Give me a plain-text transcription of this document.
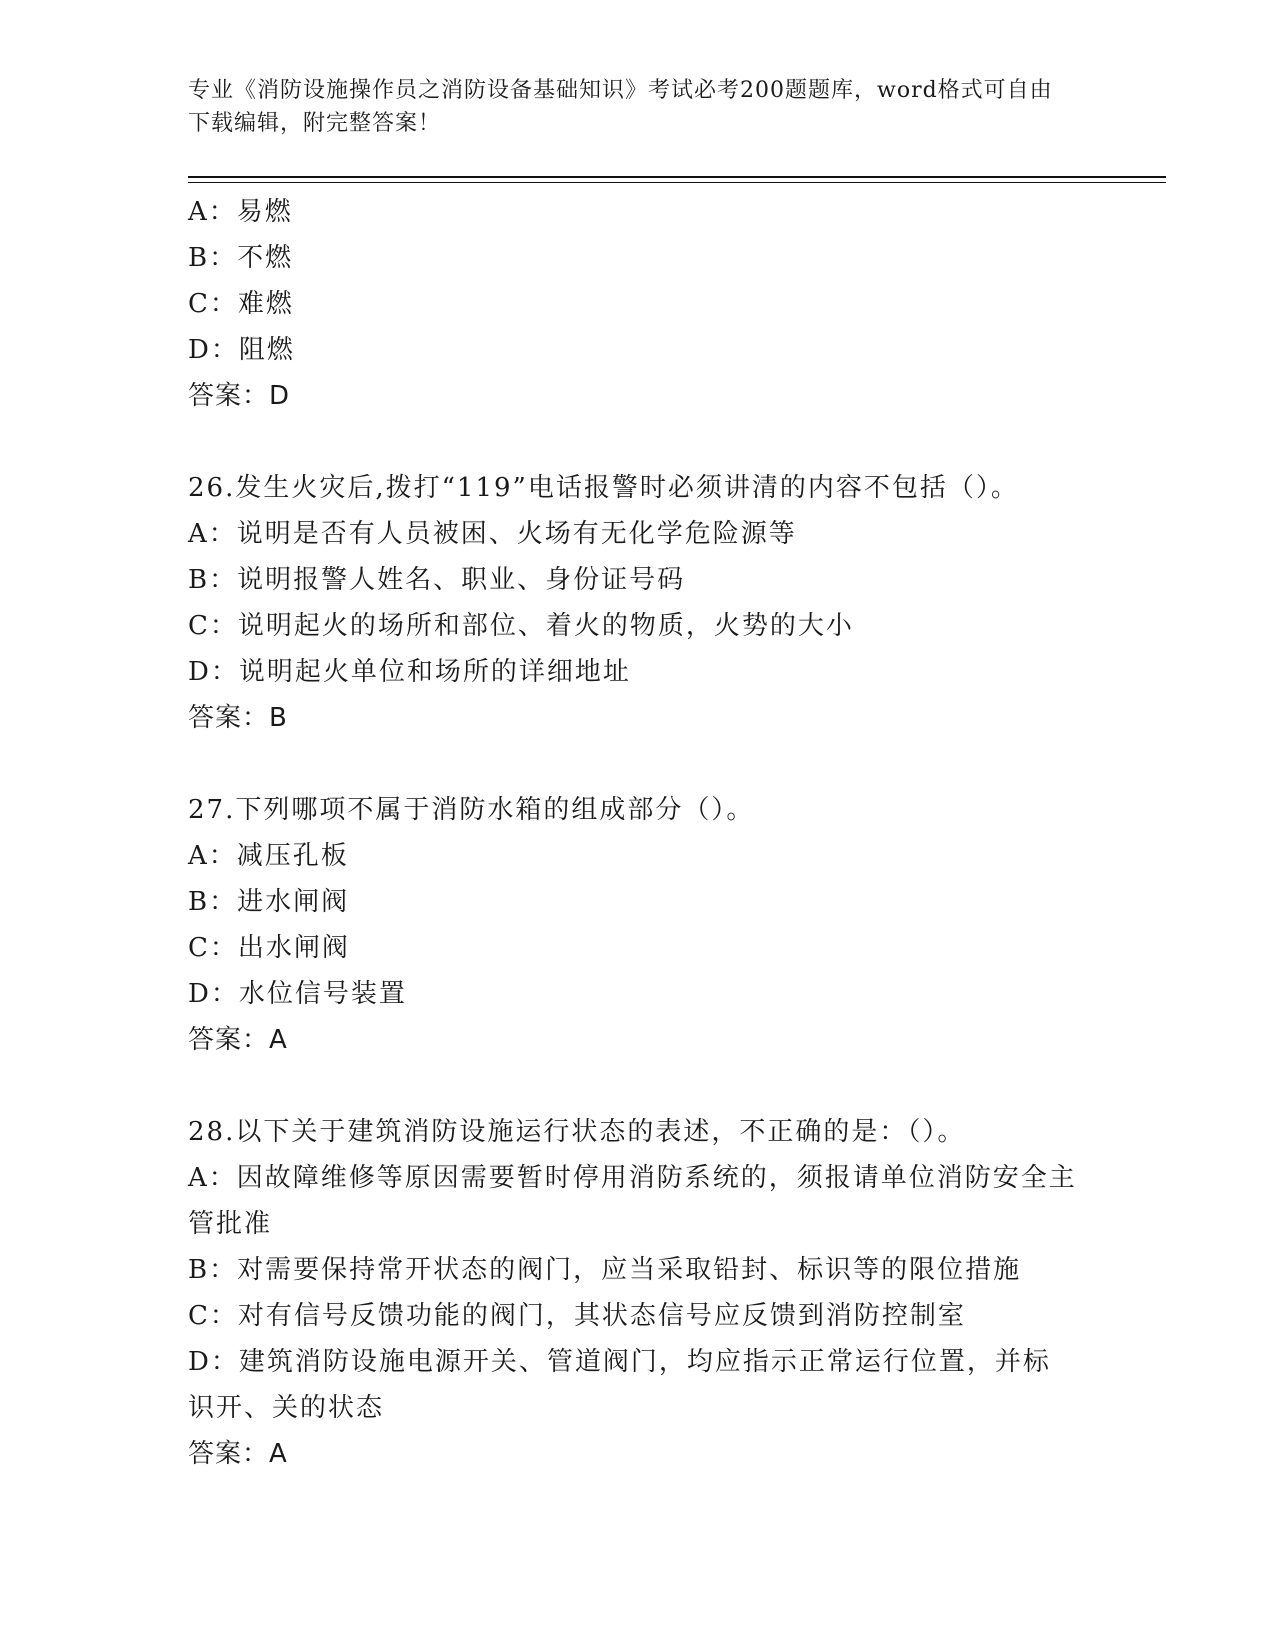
专业《消防设施操作员之消防设备基础知识》考试必考200题题库，word格式可自由下载编辑，附完整答案！
A：易燃
B：不燃
C：难燃
D：阻燃
答案：D
26.发生火灾后,拨打“119”电话报警时必须讲清的内容不包括（）。
A：说明是否有人员被困、火场有无化学危险源等
B：说明报警人姓名、职业、身份证号码
C：说明起火的场所和部位、着火的物质，火势的大小
D：说明起火单位和场所的详细地址
答案：B
27.下列哪项不属于消防水箱的组成部分（）。
A：减压孔板
B：进水闸阀
C：出水闸阀
D：水位信号装置
答案：A
28.以下关于建筑消防设施运行状态的表述，不正确的是：（）。
A：因故障维修等原因需要暂时停用消防系统的，须报请单位消防安全主管批准
B：对需要保持常开状态的阀门，应当采取铅封、标识等的限位措施
C：对有信号反馈功能的阀门，其状态信号应反馈到消防控制室
D：建筑消防设施电源开关、管道阀门，均应指示正常运行位置，并标识开、关的状态
答案：A
